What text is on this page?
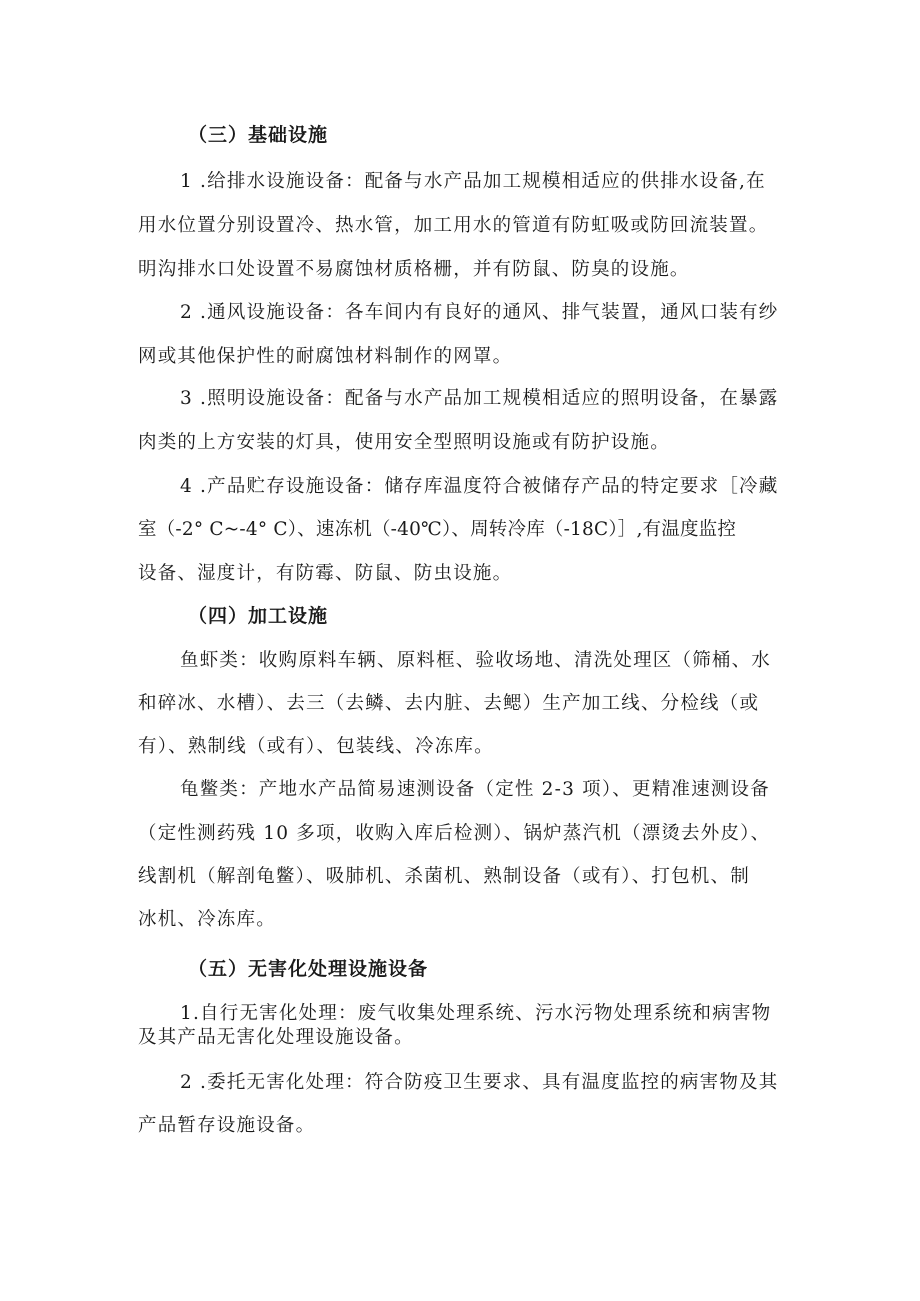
（三）基础设施
1 .给排水设施设备：配备与水产品加工规模相适应的供排水设备,在
用水位置分别设置冷、热水管，加工用水的管道有防虹吸或防回流装置。
明沟排水口处设置不易腐蚀材质格栅，并有防鼠、防臭的设施。
2 .通风设施设备：各车间内有良好的通风、排气装置，通风口装有纱
网或其他保护性的耐腐蚀材料制作的网罩。
3 .照明设施设备：配备与水产品加工规模相适应的照明设备，在暴露
肉类的上方安装的灯具，使用安全型照明设施或有防护设施。
4 .产品贮存设施设备：储存库温度符合被储存产品的特定要求［冷藏
室（-2° C~-4° C）、速冻机（-40℃）、周转冷库（-18C）］,有温度监控
设备、湿度计，有防霉、防鼠、防虫设施。
（四）加工设施
鱼虾类：收购原料车辆、原料框、验收场地、清洗处理区（筛桶、水
和碎冰、水槽）、去三（去鳞、去内脏、去鳃）生产加工线、分检线（或
有）、熟制线（或有）、包装线、冷冻库。
龟鳖类：产地水产品简易速测设备（定性 2-3 项）、更精准速测设备
（定性测药残 10 多项，收购入库后检测）、锅炉蒸汽机（漂烫去外皮）、
线割机（解剖龟鳖）、吸肺机、杀菌机、熟制设备（或有）、打包机、制
冰机、冷冻库。
（五）无害化处理设施设备
1.自行无害化处理：废气收集处理系统、污水污物处理系统和病害物
及其产品无害化处理设施设备。
2 .委托无害化处理：符合防疫卫生要求、具有温度监控的病害物及其
产品暂存设施设备。
